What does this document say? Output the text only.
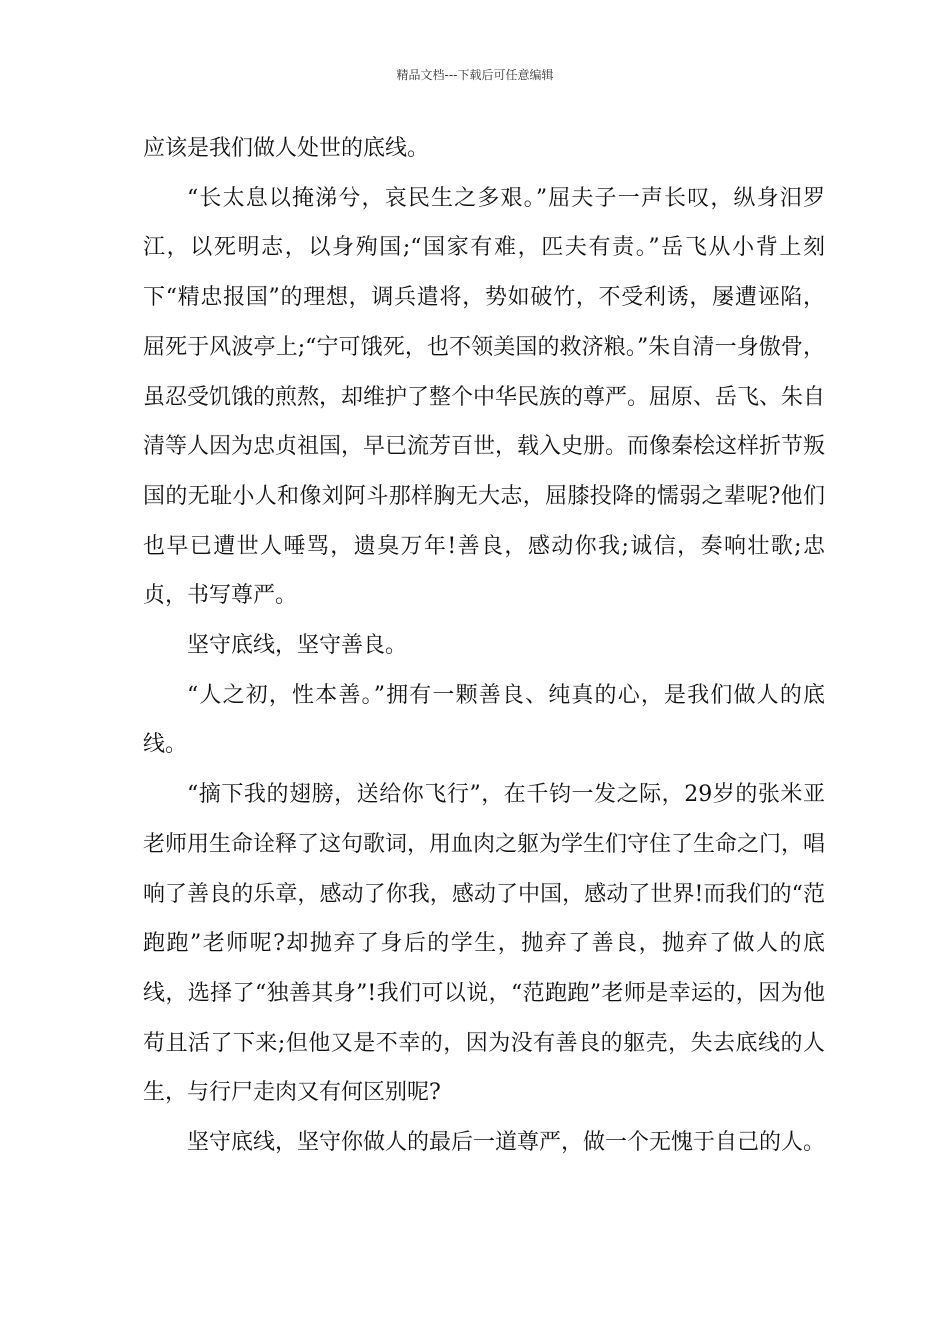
精品文档---下载后可任意编辑

应该是我们做人处世的底线。

“长太息以掩涕兮，哀民生之多艰。”屈夫子一声长叹，纵身汨罗江，以死明志，以身殉国;“国家有难，匹夫有责。”岳飞从小背上刻下“精忠报国”的理想，调兵遣将，势如破竹，不受利诱，屡遭诬陷，屈死于风波亭上;“宁可饿死，也不领美国的救济粮。”朱自清一身傲骨，虽忍受饥饿的煎熬，却维护了整个中华民族的尊严。屈原、岳飞、朱自清等人因为忠贞祖国，早已流芳百世，载入史册。而像秦桧这样折节叛国的无耻小人和像刘阿斗那样胸无大志，屈膝投降的懦弱之辈呢?他们也早已遭世人唾骂，遗臭万年!善良，感动你我;诚信，奏响壮歌;忠贞，书写尊严。

坚守底线，坚守善良。

“人之初，性本善。”拥有一颗善良、纯真的心，是我们做人的底线。

“摘下我的翅膀，送给你飞行”，在千钧一发之际，29岁的张米亚老师用生命诠释了这句歌词，用血肉之躯为学生们守住了生命之门，唱响了善良的乐章，感动了你我，感动了中国，感动了世界!而我们的“范跑跑”老师呢?却抛弃了身后的学生，抛弃了善良，抛弃了做人的底线，选择了“独善其身”!我们可以说，“范跑跑”老师是幸运的，因为他苟且活了下来;但他又是不幸的，因为没有善良的躯壳，失去底线的人生，与行尸走肉又有何区别呢?

坚守底线，坚守你做人的最后一道尊严，做一个无愧于自己的人。
